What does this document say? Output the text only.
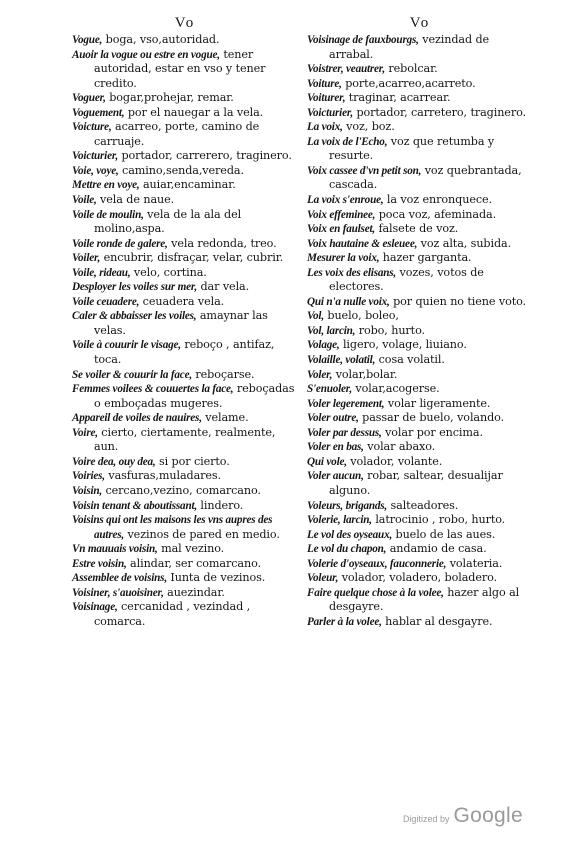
Vo

Vogue, boga, vso,autoridad.

Auoir la vogue ou estre en vogue, tener autoridad, estar en vso y tener credito.

Voguer, bogar,prohejar, remar.

Voguement, por el nauegar a la vela.

Voicture, acarreo, porte, camino de carruaje.

Voicturier, portador, carrerero, traginero.

Voie, voye, camino,senda,vereda.

Mettre en voye, auiar,encaminar.

Voile, vela de naue.

Voile de moulin, vela de la ala del molino,aspa.

Voile ronde de galere, vela redonda, treo.

Voiler, encubrir, disfraçar, velar, cubrir.

Voile, rideau, velo, cortina.

Desployer les voiles sur mer, dar vela.

Voile ceuadere, ceuadera vela.

Caler & abbaisser les voiles, amaynar las velas.

Voile à couurir le visage, reboço , antifaz, toca.

Se voiler & couurir la face, reboçarse.

Femmes voilees & couuertes la face, reboçadas o emboçadas mugeres.

Appareil de voiles de nauires, velame.

Voire, cierto, ciertamente, realmente, aun.

Voire dea, ouy dea, si por cierto.

Voiries, vasfuras,muladares.

Voisin, cercano,vezino, comarcano.

Voisin tenant & aboutissant, lindero.

Voisins qui ont les maisons les vns aupres des autres, vezinos de pared en medio.

Vn mauuais voisin, mal vezino.

Estre voisin, alindar, ser comarcano.

Assemblee de voisins, Iunta de vezinos.

Voisiner, s'auoisiner, auezindar.

Voisinage, cercanidad , vezindad , comarca.

Vo

Voisinage de fauxbourgs, vezindad de arrabal.

Voistrer, veautrer, rebolcar.

Voiture, porte,acarreo,acarreto.

Voiturer, traginar, acarrear.

Voicturier, portador, carretero, traginero.

La voix, voz, boz.

La voix de l'Echo, voz que retumba y resurte.

Voix cassee d'vn petit son, voz quebrantada, cascada.

La voix s'enroue, la voz enronquece.

Voix effeminee, poca voz, afeminada.

Voix en faulset, falsete de voz.

Voix hautaine & esleuee, voz alta, subida.

Mesurer la voix, hazer garganta.

Les voix des elisans, vozes, votos de electores.

Qui n'a nulle voix, por quien no tiene voto.

Vol, buelo, boleo,

Vol, larcin, robo, hurto.

Volage, ligero, volage, liuiano.

Volaille, volatil, cosa volatil.

Voler, volar,bolar.

S'enuoler, volar,acogerse.

Voler legerement, volar ligeramente.

Voler outre, passar de buelo, volando.

Voler par dessus, volar por encima.

Voler en bas, volar abaxo.

Qui vole, volador, volante.

Voler aucun, robar, saltear, desualijar alguno.

Voleurs, brigands, salteadores.

Volerie, larcin, latrocinio , robo, hurto.

Le vol des oyseaux, buelo de las aues.

Le vol du chapon, andamio de casa.

Volerie d'oyseaux, fauconnerie, volateria.

Voleur, volador, voladero, boladero.

Faire quelque chose à la volee, hazer algo al desgayre.

Parler à la volee, hablar al desgayre.

Digitized by Google
